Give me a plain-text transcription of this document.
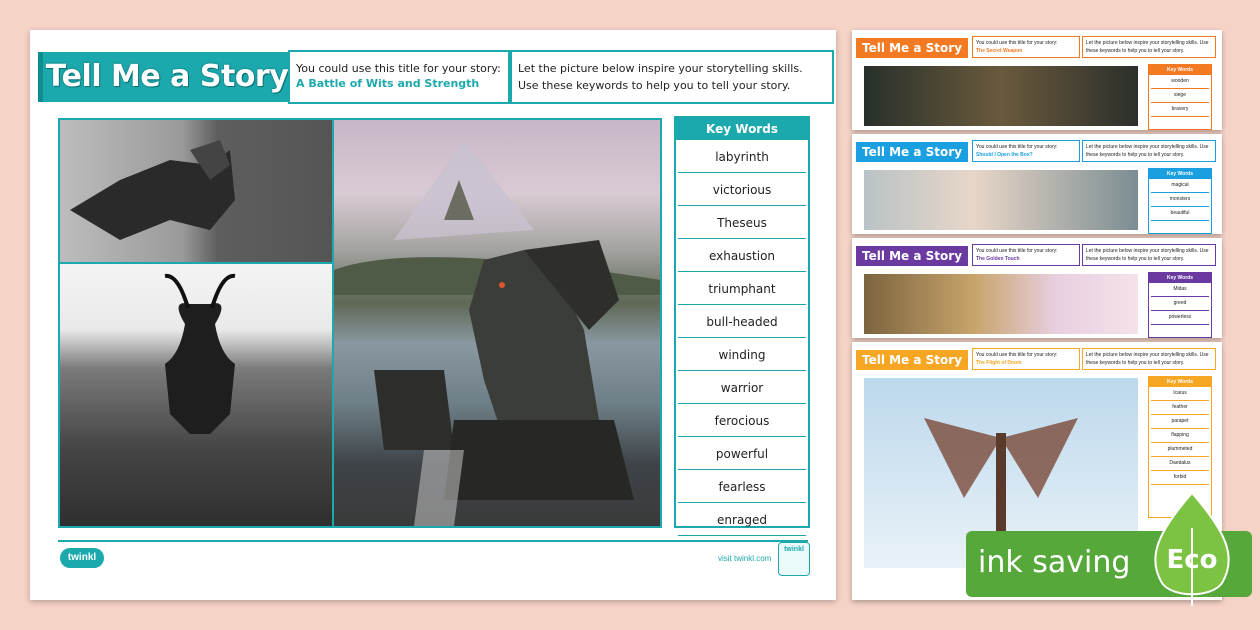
Tell Me a Story You could use this title for your story:
A Battle of Wits and Strength
Let the picture below inspire your storytelling skills. Use these keywords to help you to tell your story.
Key Words
labyrinth
victorious
Theseus
exhaustion
triumphant
bull-headed
winding
warrior
ferocious
powerful
fearless
enraged
twinkl	visit twinkl.com
twinkl
Tell Me a Story	You could use this title for your story:
The Secret Weapon
Let the picture below inspire your storytelling skills. Use these keywords to help you to tell your story.
Key Words
wooden
siege
bravery
Tell Me a Story	You could use this title for your story:
Should I Open the Box?
Let the picture below inspire your storytelling skills. Use these keywords to help you to tell your story.
Key Words
magical
monsters
beautiful
Tell Me a Story	You could use this title for your story:
The Golden Touch
Let the picture below inspire your storytelling skills. Use these keywords to help you to tell your story.
Key Words
Midas
greed
powerless
Tell Me a Story	You could use this title for your story:
The Flight of Doom
Let the picture below inspire your storytelling skills. Use these keywords to help you to tell your story.
Key Words
Icarus
feather
parapet
flapping
plummeted
Daedalus
forbid
ink saving Eco
